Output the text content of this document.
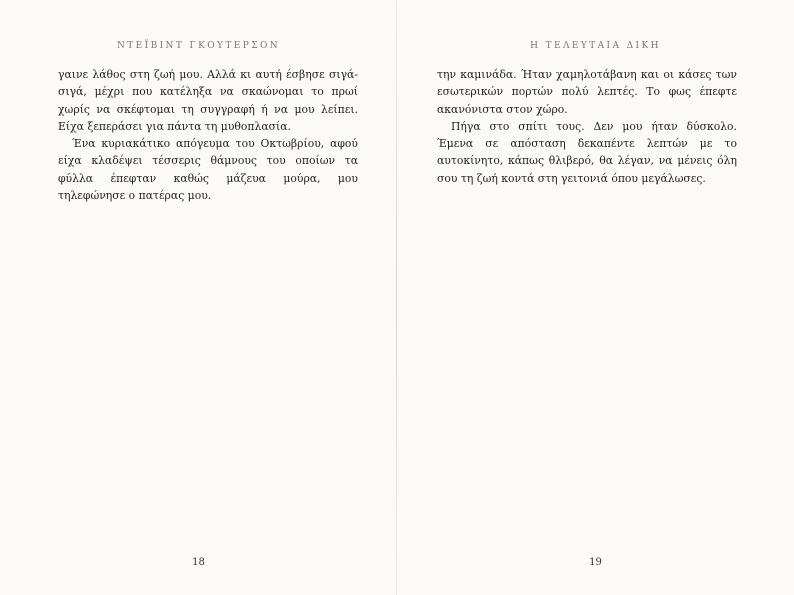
ΝΤΕΪΒΙΝΤ ΓΚΟΥΤΕΡΣΟΝ

γαινε λάθος στη ζωή μου. Αλλά κι αυτή έσβησε σιγά-σιγά, μέχρι που κατέληξα να σκαώνομαι το πρωί χωρίς να σκέφτομαι τη συγγραφή ή να μου λείπει. Είχα ξεπεράσει για πάντα τη μυθοπλασία.

Ένα κυριακάτικο απόγευμα του Οκτωβρίου, αφού είχα κλαδέψει τέσσερις θάμνους του οποίων τα φύλλα έπεφταν καθώς μάζευα μούρα, μου τηλεφώνησε ο πατέρας μου.

18
Η ΤΕΛΕΥΤΑΙΑ ΔΙΚΗ

την καμινάδα. Ήταν χαμηλοτάβανη και οι κάσες των εσωτερικών πορτών πολύ λεπτές. Το φως έπεφτε ακανόνιστα στον χώρο.

Πήγα στο σπίτι τους. Δεν μου ήταν δύσκολο. Έμενα σε απόσταση δεκαπέντε λεπτών με το αυτοκίνητο, κάπως θλιβερό, θα λέγαν, να μένεις όλη σου τη ζωή κοντά στη γειτονιά όπου μεγάλωσες.

19
